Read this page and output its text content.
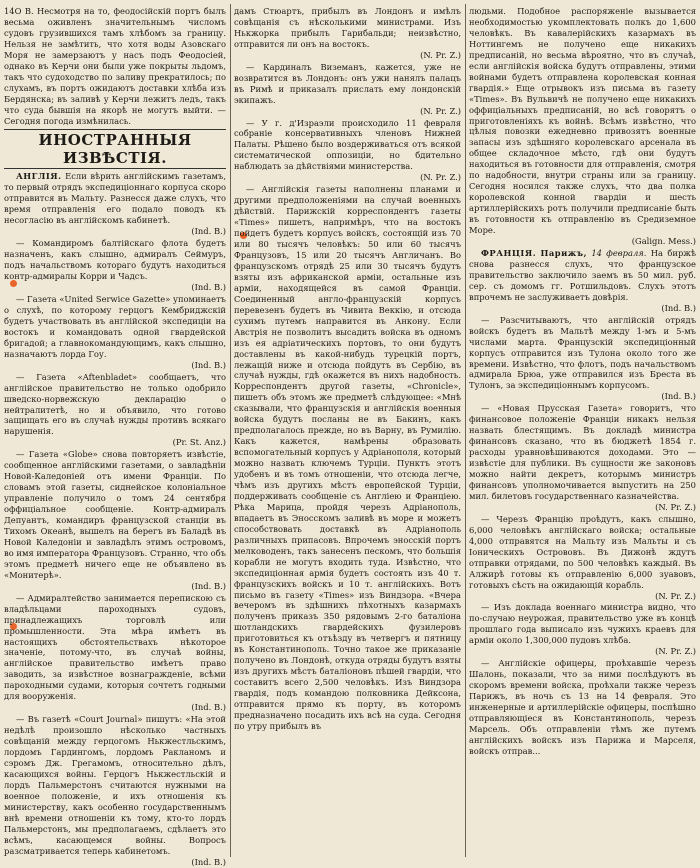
14O В. Несмотря на то, феодосійскій портъ былъ весьма оживленъ значительнымъ числомъ судовъ грузившихся тамъ хлѣбомъ за границу. Нельзя не замѣтить, что хотя воды Азовскаго Моря не замерзаютъ у насъ подъ Феодосіей, однако въ Керчи они были уже покрыты льдомъ, такъ что судоходство по заливу прекратилось; по слухамъ, въ портъ ожидаютъ доставки хлѣба изъ Бердянска; въ заливѣ у Керчи лежитъ ледъ, такъ что суда бывшія на якорѣ не могутъ выйти. — Сегодня погода измѣнилась.

ИНОСТРАННЫЯ ИЗВѢСТІЯ.

АНГЛІЯ. Если вѣрить англійскимъ газетамъ, то первый отрядъ экспедиціоннаго корпуса скоро отправится въ Мальту. Разнесся даже слухъ, что время отправленія его подало поводъ къ несогласію въ англійскомъ кабинетѣ.

(Ind. B.)

— Командиромъ балтійскаго флота будетъ назначенъ, какъ слышно, адмиралъ Сеймуръ, подъ начальствомъ котораго будутъ находиться контр-адмиралы Корри и Чадсъ.

(Ind. B.)

— Газета «United Serwice Gazette» упоминаетъ о слухѣ, по которому герцогъ Кембриджскій будетъ участвовать въ англійской экспедиціи на востокъ и командовать одной гвардейской бригадой; а главнокомандующимъ, какъ слышно, назначаютъ лорда Гоу.

(Ind. B.)

— Газета «Aftenbladet» сообщаетъ, что англійское правительство не только одобрило шведско-норвежскую декларацію о нейтралитетѣ, но и объявило, что готово защищать его въ случаѣ нужды противъ всякаго нарушенія.

(Pr. St. Anz.)

— Газета «Globe» снова повторяетъ извѣстіе, сообщенное англійскими газетами, о завладѣніи Новой-Каледоніей отъ имени Франціи. По словамъ этой газеты, сиднейское колоніальное управленіе получило о томъ 24 сентября оффиціальное сообщеніе. Контр-адмиралъ Депуантъ, командиръ французской станціи въ Тихомъ Океанѣ, вышелъ на берегъ въ Баладѣ въ Новой Каледоніи и завладѣлъ этимъ островомъ, во имя императора Французовъ. Странно, что объ этомъ предметѣ ничего еще не объявлено въ «Монитерѣ».

(Ind. B.)

— Адмиралтейство занимается перепискою съ владѣльцами пароходныхъ судовъ, принадлежащихъ торговлѣ или промышленности. Эта мѣра имѣетъ въ настоящихъ обстоятельствахъ нѣкоторое значеніе, потому-что, въ случаѣ войны, англійское правительство имѣетъ право заводить, за извѣстное вознагражденіе, всѣми пароходными судами, которыя сочтетъ годными для вооруженія.

(Ind. B.)

— Въ газетѣ «Court Journal» пишутъ: «На этой недѣлѣ произошло нѣсколько частныхъ совѣщаній между герцогомъ Нькжестльскимъ, лордомъ Гардингомъ, лордомъ Ракланомъ и сэромъ Дж. Грегамомъ, относительно дѣлъ, касающихся войны. Герцогъ Нькжестльскій и лордъ Пальмерстонъ считаются нужными на военное положеніе, и ихъ отношенія къ министерству, какъ особенно государственнымъ внѣ времени отношеніи къ тому, кто-то лордъ Пальмерстонъ, мы предполагаемъ, сдѣлаетъ это всѣмъ, касающемся войны. Вопросъ разсматривается теперь кабинетомъ.

(Ind. B.)

дамъ Стюартъ, прибылъ въ Лондонъ и имѣлъ совѣщанія съ нѣсколькими министрами. Изъ Нькжорка прибылъ Гарибальди; неизвѣстно, отправится ли онъ на востокъ.

(N. Pr. Z.)

— Кардиналъ Виземанъ, кажется, уже не возвратится въ Лондонъ: онъ ужи нанялъ палацъ въ Римѣ и приказалъ прислать ему лондонскій экипажъ.

(N. Pr. Z.)

— У г. д'Израэли происходило 11 февраля собраніе консервативныхъ членовъ Нижней Палаты. Рѣшено было воздерживаться отъ всякой систематической оппозиціи, но бдительно наблюдать за дѣйствіями министерства.

(N. Pr. Z.)

— Англійскія газеты наполнены планами и другими предположеніями на случай военныхъ дѣйствій. Парижскій корреспондентъ газеты «Times» пишетъ, напримѣръ, что на востокъ пойдетъ будетъ корпусъ войскъ, состоящій изъ 70 или 80 тысячъ человѣкъ: 50 или 60 тысячъ Французовъ, 15 или 20 тысячъ Англичанъ. Во французскомъ отрядѣ 25 или 30 тысячъ будутъ взяты изъ африканской арміи, остальные изъ арміи, находящейся въ самой Франціи. Соединенный англо-французскій корпусъ перевезенъ будетъ въ Чивита Веккію, и отсюда сухимъ путемъ направится въ Анкону. Если Австрія не позволитъ высадить войска въ одномъ изъ ея адріатическихъ портовъ, то они будутъ доставлены въ какой-нибудь турецкій портъ, лежащій ниже и отсюда пойдутъ въ Сербію, въ случаѣ нужды, гдѣ окажется въ нихъ надобность. Корреспондентъ другой газеты, «Chronicle», пишетъ объ этомъ же предметѣ слѣдующее: «Мнѣ сказывали, что французскія и англійскія военныя войска будутъ посланы не въ Бакинъ, какъ предполагалось прежде, но въ Варну, въ Румилію. Какъ кажется, намѣрены образовать вспомогательный корпусъ у Адріанополя, который можно назвать ключемъ Турціи. Пунктъ этотъ удобенъ и въ томъ отношеніи, что отсюда легче, чѣмъ изъ другихъ мѣстъ европейской Турціи, поддерживать сообщеніе съ Англіею и Франціею. Рѣка Марица, пройдя черезъ Адріанополь, впадаетъ въ Эносскомъ заливѣ въ море и можетъ способствовать доставкѣ въ Адріанополь различныхъ припасовъ. Впрочемъ эносскій портъ мелководенъ, такъ занесенъ пескомъ, что большія корабли не могутъ входить туда. Извѣстно, что экспедиціонная армія будетъ состоять изъ 40 т. французскихъ войскъ и 10 т. англійскихъ. Вотъ письмо въ газету «Times» изъ Виндзора. «Вчера вечеромъ въ здѣшнихъ пѣхотныхъ казармахъ полученъ приказъ 350 рядовымъ 2-го баталіона шотландскихъ гвардейскихъ фузилеровъ приготовиться къ отъѣзду въ четвергъ и пятницу въ Константинополь. Точно такое же приказаніе получено въ Лондонѣ, откуда отряды будутъ взяты изъ другихъ мѣстъ баталіоновъ пѣшей гвардіи, что составитъ всего 2,500 человѣкъ. Изъ Виндзора гвардія, подъ командою полковника Дейксона, отправится прямо къ порту, въ которомъ предназначено посадить ихъ всѣ на суда. Сегодня по утру прибылъ въ

людьми. Подобное распоряженіе вызывается необходимостью укомплектовать полкъ до 1,600 человѣкъ. Въ кавалерійскихъ казармахъ въ Ноттингемъ не получено еще никакихъ предписаній, но весьма вѣроятно, что въ случаѣ, если англійскія войска будутъ отправлены, этими войнами будетъ отправлена королевская конная гвардія.» Еще отрывокъ изъ письма въ газету «Times». Въ Вульвичѣ не получено еще никакихъ оффиціальныхъ предписаній, но всѣ говорятъ о приготовленіяхъ къ войнѣ. Всѣмъ извѣстно, что цѣлыя повозки ежедневно привозятъ военные запасы изъ здѣшняго королевскаго арсенала въ общее складочное мѣсто, гдѣ они будутъ находиться въ готовности для отправленія, смотря по надобности, внутри страны или за границу. Сегодня носился также слухъ, что два полка королевской конной гвардіи и шесть артиллерійскихъ ротъ получили предписаніе быть въ готовности къ отправленію въ Средиземное Море.

(Galign. Mess.)

ФРАНЦІЯ. Парижъ, 14 февраля. На биржѣ сновa разнесся слухъ, что французское правительство заключило заемъ въ 50 мил. руб. сер. съ домомъ гг. Ротшильдовъ. Слухъ этотъ впрочемъ не заслуживаетъ довѣрія.

(Ind. B.)

— Разсчитываютъ, что англійскій отрядъ войскъ будетъ въ Мальтѣ между 1-мъ и 5-мъ числами марта. Французскій экспедиціонный корпусъ отправится изъ Тулона около того же времени. Извѣстно, что флотъ, подъ начальствомъ адмирала Брюа, уже отправился изъ Бреста въ Тулонъ, за экспедиціоннымъ корпусомъ.

(Ind. B.)

— «Новая Прусская Газета» говоритъ, что финансовое положеніе Франціи никакъ нельзя назвать блестящимъ. Въ докладѣ министра финансовъ сказано, что въ бюджетѣ 1854 г. расходы уравновѣшиваются доходами. Это — извѣстіе для публики. Въ сущности же законовъ можно найти декретъ, которымъ министръ финансовъ уполномочивается выпустить на 250 мил. билетовъ государственнаго казначейства.

(N. Pr. Z.)

— Черезъ Францію проѣдутъ, какъ слышно, 6,000 человѣкъ англійскаго войска; остальные 4,000 отправятся на Мальту изъ Мальты и съ Іоническихъ Острововъ. Въ Дижонѣ ждутъ отправки отрядами, по 500 человѣкъ каждый. Въ Алжирѣ готовы къ отправленію 6,000 зуавовъ, готовыхъ сѣсть на ожидающій корабль.

(N. Pr. Z.)

— Изъ доклада военнаго министра видно, что по-случаю неурожая, правительство уже въ концѣ прошлаго года выписало изъ чужихъ краевъ для арміи около 1,300,000 пудовъ хлѣба.

(N. Pr. Z.)

— Англійскіе офицеры, проѣхавшіе черезъ Шалонь, показали, что за ними послѣдуютъ въ скоромъ времени войска, проѣхали также черезъ Парижъ, въ ночь съ 13 на 14 февраля. Это инженерные и артиллерійскіе офицеры, поспѣшно отправляющіеся въ Константинополь, черезъ Марсель. Объ отправленіи тѣмъ же путемъ англійскихъ войскъ изъ Парижа и Марселя, войскъ отправ...
